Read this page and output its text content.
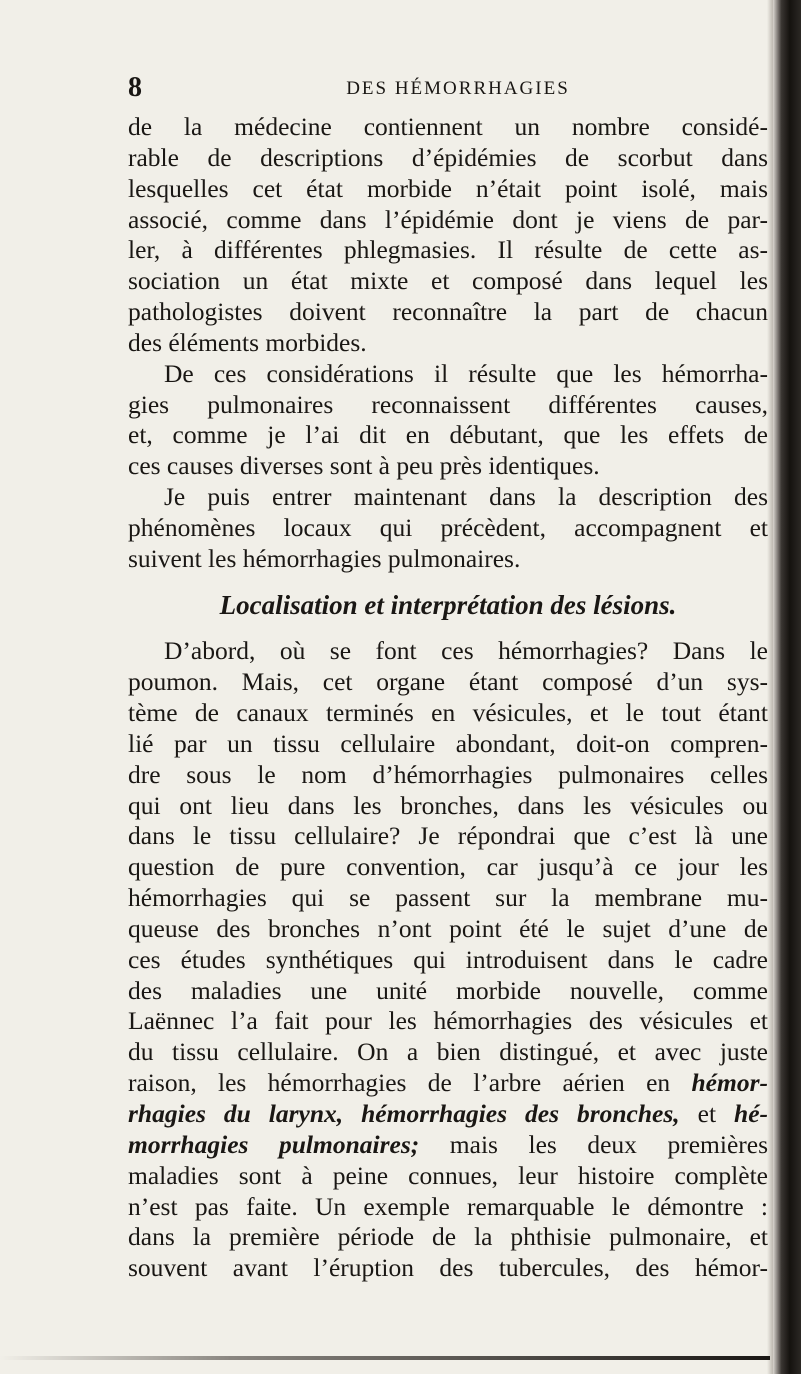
8	DES HÉMORRHAGIES
de la médecine contiennent un nombre considé-
rable de descriptions d’épidémies de scorbut dans
lesquelles cet état morbide n’était point isolé, mais
associé, comme dans l’épidémie dont je viens de par-
ler, à différentes phlegmasies. Il résulte de cette as-
sociation un état mixte et composé dans lequel les
pathologistes doivent reconnaître la part de chacun
des éléments morbides.
De ces considérations il résulte que les hémorrha-
gies pulmonaires reconnaissent différentes causes,
et, comme je l’ai dit en débutant, que les effets de
ces causes diverses sont à peu près identiques.
Je puis entrer maintenant dans la description des
phénomènes locaux qui précèdent, accompagnent et
suivent les hémorrhagies pulmonaires.
Localisation et interprétation des lésions.
D’abord, où se font ces hémorrhagies? Dans le
poumon. Mais, cet organe étant composé d’un sys-
tème de canaux terminés en vésicules, et le tout étant
lié par un tissu cellulaire abondant, doit-on compren-
dre sous le nom d’hémorrhagies pulmonaires celles
qui ont lieu dans les bronches, dans les vésicules ou
dans le tissu cellulaire? Je répondrai que c’est là une
question de pure convention, car jusqu’à ce jour les
hémorrhagies qui se passent sur la membrane mu-
queuse des bronches n’ont point été le sujet d’une de
ces études synthétiques qui introduisent dans le cadre
des maladies une unité morbide nouvelle, comme
Laënnec l’a fait pour les hémorrhagies des vésicules et
du tissu cellulaire. On a bien distingué, et avec juste
raison, les hémorrhagies de l’arbre aérien en hémor-
rhagies du larynx, hémorrhagies des bronches, et hé-
morrhagies pulmonaires; mais les deux premières
maladies sont à peine connues, leur histoire complète
n’est pas faite. Un exemple remarquable le démontre :
dans la première période de la phthisie pulmonaire, et
souvent avant l’éruption des tubercules, des hémor-
